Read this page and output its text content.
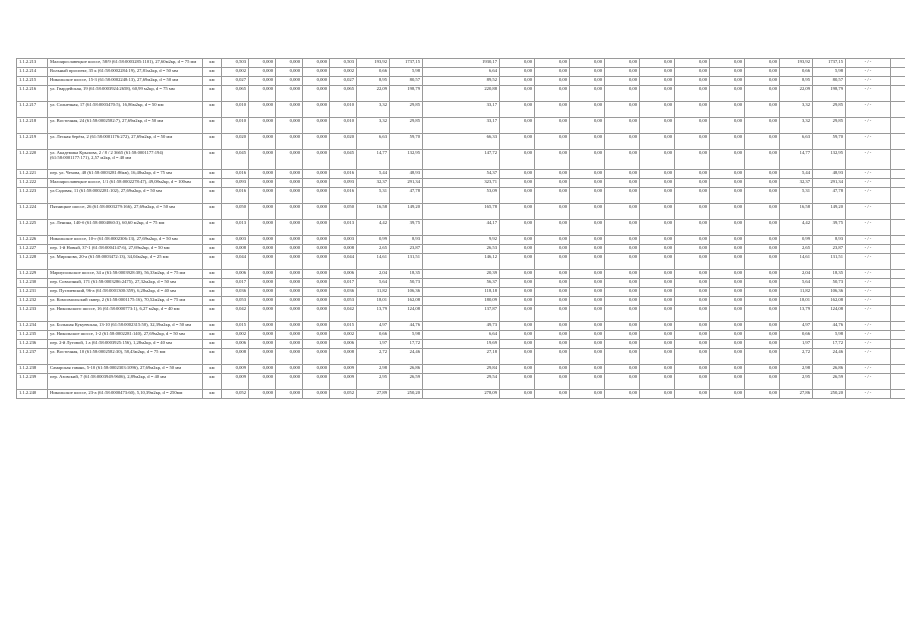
1.1.2.213	Малоярославецкое шоссе, 58/9 (61:58:0003285:1101), 27,60м2кр, d = 75 мм	км	0,503	0,000	0,000	0,000	0,503	193,92	1737,15	1930,17	0,00	0,00	0,00	0,00	0,00	0,00	0,00	0,00	193,92	1737,15	- / -	
1.1.2.214	Вольный проспект, 35 к (61:58:0002284:19), 27,81м2кр, d = 50 мм	км	0,002	0,000	0,000	0,000	0,002	0,66	5,98	6,64	0,00	0,00	0,00	0,00	0,00	0,00	0,00	0,00	0,66	5,98	- / -	
1.1.2.215	Никольское шоссе, 15-3 (61:58:0002248:13), 27,69м2кр, d = 50 мм	км	0,027	0,000	0,000	0,000	0,027	8,95	80,57	89,52	0,00	0,00	0,00	0,00	0,00	0,00	0,00	0,00	8,95	80,57	- / -	
1.1.2.216	ул. Гвардейская, 19 (61:58:0003924:2658), 60,99 м2кр, d = 75 мм	км	0,065	0,000	0,000	0,000	0,065	22,09	198,79	220,88	0,00	0,00	0,00	0,00	0,00	0,00	0,00	0,00	22,09	198,79	- / -	
1.1.2.217	ул. Солнечная, 17 (61:58:0003470:5), 16,86м2кр, d = 50 мм	км	0,010	0,000	0,000	0,000	0,010	3,32	29,85	33,17	0,00	0,00	0,00	0,00	0,00	0,00	0,00	0,00	3,32	29,85	- / -	
1.1.2.218	ул. Восточная, 24 (61:58:0002582:7), 27,69м2кр, d = 50 мм	км	0,010	0,000	0,000	0,000	0,010	3,32	29,85	33,17	0,00	0,00	0,00	0,00	0,00	0,00	0,00	0,00	3,32	29,85	- / -	
1.1.2.219	ул. Лесная берёза, 2 (61:58:0001176:272), 27,69м2кр, d = 50 мм	км	0,020	0,000	0,000	0,000	0,020	6,63	59,70	66,33	0,00	0,00	0,00	0,00	0,00	0,00	0,00	0,00	6,63	59,70	- / -	
1.1.2.220	ул. Академика Крылова, 2 / 8 / 2 3665 (61:58:0001177:194) (61:58:0001177:171), 2,57 м2кр, d = 40 мм	км	0,045	0,000	0,000	0,000	0,045	14,77	132,95	147,72	0,00	0,00	0,00	0,00	0,00	0,00	0,00	0,00	14,77	132,95	- / -	
1.1.2.221	пер. ул. Чехова, 48 (61:58:0003281:86кв), 16,48м2кр, d = 75 мм	км	0,016	0,000	0,000	0,000	0,016	5,44	48,93	54,37	0,00	0,00	0,00	0,00	0,00	0,00	0,00	0,00	5,44	48,93	- / -	
1.1.2.222	Малоярославецкое шоссе, 1/1 (61:58:0002278:47), 49,08м2кр, d = 100мм	км	0,093	0,000	0,000	0,000	0,093	32,37	291,34	323,71	0,00	0,00	0,00	0,00	0,00	0,00	0,00	0,00	32,37	291,34	- / -	
1.1.2.223	ул.Садовая, 11 (61:58:0002281:102), 27,69м2кр, d = 50 мм	км	0,016	0,000	0,000	0,000	0,016	5,31	47,78	53,09	0,00	0,00	0,00	0,00	0,00	0,00	0,00	0,00	5,31	47,78	- / -	
1.1.2.224	Пятницкое шоссе, 26 (61:58:0003279:166), 27,69м2кр, d = 50 мм	км	0,050	0,000	0,000	0,000	0,050	16,58	149,20	165,78	0,00	0,00	0,00	0,00	0,00	0,00	0,00	0,00	16,58	149,20	- / -	
1.1.2.225	ул. Ленина, 140-б (61:58:0004060:3), 60,60 м2кр, d = 75 мм	км	0,013	0,000	0,000	0,000	0,013	4,42	39,75	44,17	0,00	0,00	0,00	0,00	0,00	0,00	0,00	0,00	4,42	39,75	- / -	
1.1.2.226	Никольское шоссе, 10-г (61:58:0002306:13), 27,69м2кр, d = 50 мм	км	0,003	0,000	0,000	0,000	0,003	0,99	8,93	9,92	0,00	0,00	0,00	0,00	0,00	0,00	0,00	0,00	0,99	8,93	- / -	
1.1.2.227	пер. 1-й Новый, 37-1 (61:58:0004147:6), 27,69м2кр, d = 50 мм	км	0,008	0,000	0,000	0,000	0,008	2,65	23,87	26,53	0,00	0,00	0,00	0,00	0,00	0,00	0,00	0,00	2,65	23,87	- / -	
1.1.2.228	ул. Миронова, 20-а (61:58:0003472:13), 34,04м2кр, d = 25 мм	км	0,044	0,000	0,000	0,000	0,044	14,61	131,51	146,12	0,00	0,00	0,00	0,00	0,00	0,00	0,00	0,00	14,61	131,51	- / -	
1.1.2.229	Мариупольское шоссе, 34 а (61:58:0003928:38), 56,33м2кр, d = 75 мм	км	0,006	0,000	0,000	0,000	0,006	2,04	18,35	20,39	0,00	0,00	0,00	0,00	0,00	0,00	0,00	0,00	2,04	18,35	- / -	
1.1.2.230	пер. Совхозный, 171 (61:58:0003286:2475), 27,32м2кр, d = 50 мм	км	0,017	0,000	0,000	0,000	0,017	5,64	50,73	56,37	0,00	0,00	0,00	0,00	0,00	0,00	0,00	0,00	5,64	50,73	- / -	
1.1.2.231	пер. Пугачевский, 96-а (61:58:0001300:359), 6,28м2кр, d = 40 мм	км	0,036	0,000	0,000	0,000	0,036	11,82	106,36	118,18	0,00	0,00	0,00	0,00	0,00	0,00	0,00	0,00	11,82	106,36	- / -	
1.1.2.232	ул. Комсомольский сквер, 2 (61:58:0001175:16), 70,52м2кр, d = 75 мм	км	0,053	0,000	0,000	0,000	0,053	18,01	162,08	180,09	0,00	0,00	0,00	0,00	0,00	0,00	0,00	0,00	18,01	162,08	- / -	
1.1.2.233	ул. Никольского шоссе, 16 (61:58:0000773:1), 6,27 м2кр, d = 40 мм	км	0,042	0,000	0,000	0,000	0,042	13,79	124,08	137,87	0,00	0,00	0,00	0,00	0,00	0,00	0,00	0,00	13,79	124,08	- / -	
1.1.2.234	ул. Большая Кукуевская, 13-10 (61:58:0002315:50), 32,39м2кр, d = 50 мм	км	0,015	0,000	0,000	0,000	0,015	4,97	44,76	49,73	0,00	0,00	0,00	0,00	0,00	0,00	0,00	0,00	4,97	44,76	- / -	
1.1.2.235	ул. Никольское шоссе, 1-2 (61:58:0002281:140), 27,69м2кр, d = 50 мм	км	0,002	0,000	0,000	0,000	0,002	0,66	5,98	6,64	0,00	0,00	0,00	0,00	0,00	0,00	0,00	0,00	0,66	5,98	- / -	
1.1.2.236	пер. 2-й Луговой, 1 а (61:58:0003925:156), 1,28м2кр, d = 40 мм	км	0,006	0,000	0,000	0,000	0,006	1,97	17,72	19,69	0,00	0,00	0,00	0,00	0,00	0,00	0,00	0,00	1,97	17,72	- / -	
1.1.2.237	ул. Восточная, 10 (61:58:0002582:30), 58,43м2кр, d = 75 мм	км	0,008	0,000	0,000	0,000	0,008	2,72	24,46	27,18	0,00	0,00	0,00	0,00	0,00	0,00	0,00	0,00	2,72	24,46	- / -	
1.1.2.238	Самарская гавань, 5-10 (61:58:0002303:1096), 27,69м2кр, d = 50 мм	км	0,009	0,000	0,000	0,000	0,009	2,98	26,86	29,84	0,00	0,00	0,00	0,00	0,00	0,00	0,00	0,00	2,98	26,86	- / -	
1.1.2.239	пер. Азовский, 7 (61:58:0003949:9606), 2,89м2кр, d = 40 мм	км	0,009	0,000	0,000	0,000	0,009	2,95	26,59	29,54	0,00	0,00	0,00	0,00	0,00	0,00	0,00	0,00	2,95	26,59	- / -	
1.1.2.240	Никольское шоссе, 23-а (61:58:0000473:60), 5,10,39м2кр, d = 250мм	км	0,052	0,000	0,000	0,000	0,052	27,89	250,20	278,09	0,00	0,00	0,00	0,00	0,00	0,00	0,00	0,00	27,86	250,20	- / -	
